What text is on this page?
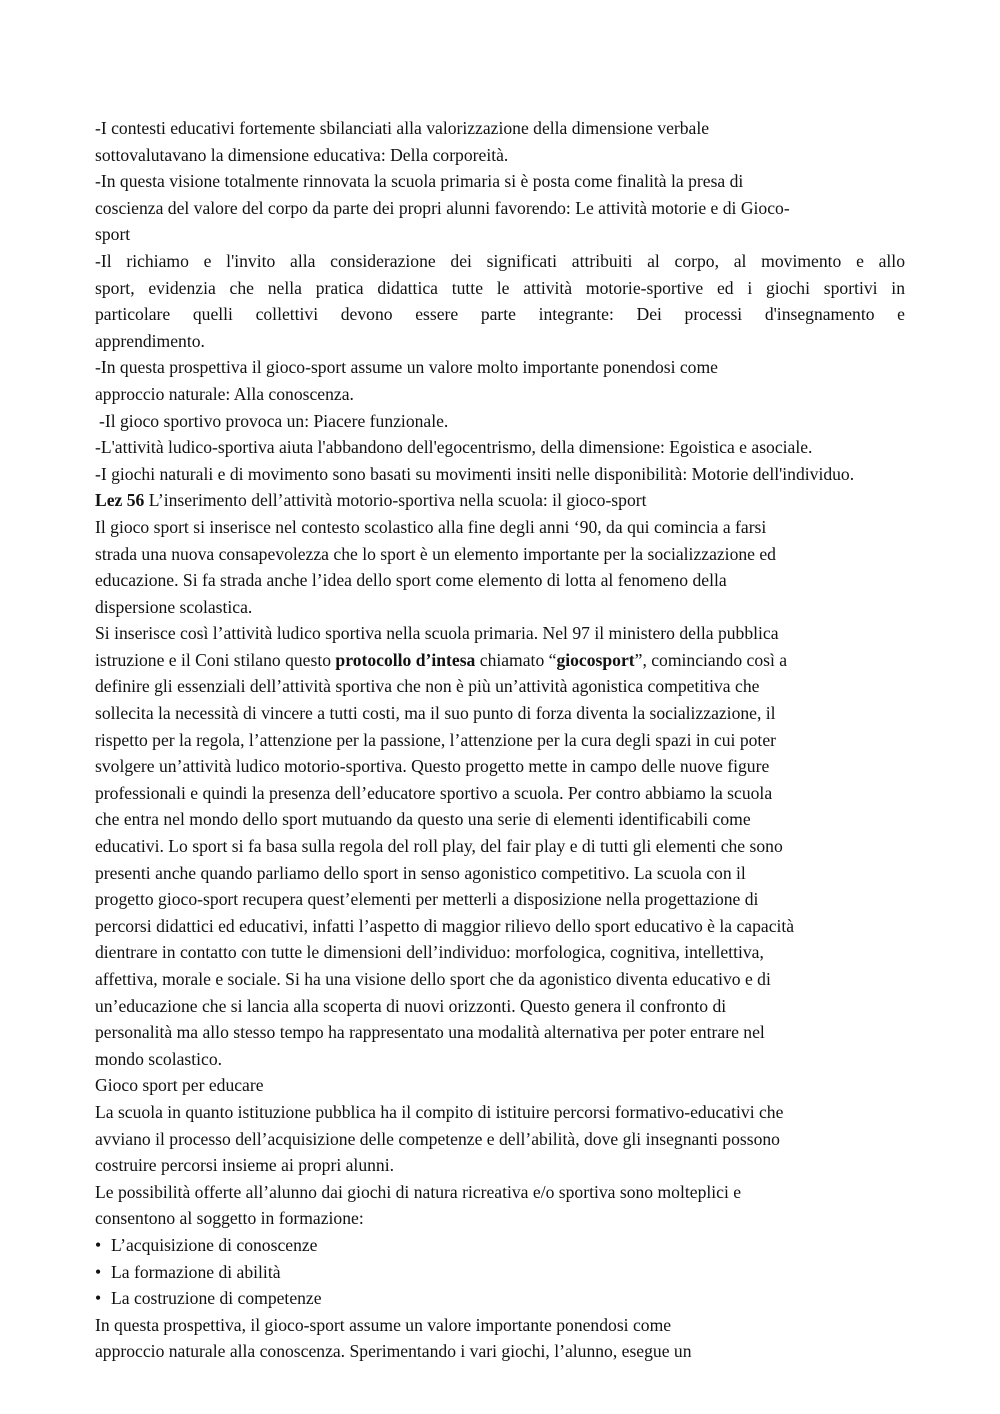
-I contesti educativi fortemente sbilanciati alla valorizzazione della dimensione verbale
sottovalutavano la dimensione educativa: Della corporeità.
-In questa visione totalmente rinnovata la scuola primaria si è posta come finalità la presa di
coscienza del valore del corpo da parte dei propri alunni favorendo: Le attività motorie e di Gioco-
sport
-Il richiamo e l'invito alla considerazione dei significati attribuiti al corpo, al movimento e allo
sport, evidenzia che nella pratica didattica tutte le attività motorie-sportive ed i giochi sportivi in
particolare quelli collettivi devono essere parte integrante: Dei processi d'insegnamento e
apprendimento.
-In questa prospettiva il gioco-sport assume un valore molto importante ponendosi come
approccio naturale: Alla conoscenza.
-Il gioco sportivo provoca un: Piacere funzionale.
-L'attività ludico-sportiva aiuta l'abbandono dell'egocentrismo, della dimensione: Egoistica e asociale.
-I giochi naturali e di movimento sono basati su movimenti insiti nelle disponibilità: Motorie dell'individuo.
Lez 56 L’inserimento dell’attività motorio-sportiva nella scuola: il gioco-sport
Il gioco sport si inserisce nel contesto scolastico alla fine degli anni ‘90, da qui comincia a farsi
strada una nuova consapevolezza che lo sport è un elemento importante per la socializzazione ed
educazione. Si fa strada anche l’idea dello sport come elemento di lotta al fenomeno della
dispersione scolastica.
Si inserisce così l’attività ludico sportiva nella scuola primaria. Nel 97 il ministero della pubblica
istruzione e il Coni stilano questo protocollo d’intesa chiamato “giocosport”, cominciando così a
definire gli essenziali dell’attività sportiva che non è più un’attività agonistica competitiva che
sollecita la necessità di vincere a tutti costi, ma il suo punto di forza diventa la socializzazione, il
rispetto per la regola, l’attenzione per la passione, l’attenzione per la cura degli spazi in cui poter
svolgere un’attività ludico motorio-sportiva. Questo progetto mette in campo delle nuove figure
professionali e quindi la presenza dell’educatore sportivo a scuola. Per contro abbiamo la scuola
che entra nel mondo dello sport mutuando da questo una serie di elementi identificabili come
educativi. Lo sport si fa basa sulla regola del roll play, del fair play e di tutti gli elementi che sono
presenti anche quando parliamo dello sport in senso agonistico competitivo. La scuola con il
progetto gioco-sport recupera quest’elementi per metterli a disposizione nella progettazione di
percorsi didattici ed educativi, infatti l’aspetto di maggior rilievo dello sport educativo è la capacità
dientrare in contatto con tutte le dimensioni dell’individuo: morfologica, cognitiva, intellettiva,
affettiva, morale e sociale. Si ha una visione dello sport che da agonistico diventa educativo e di
un’educazione che si lancia alla scoperta di nuovi orizzonti. Questo genera il confronto di
personalità ma allo stesso tempo ha rappresentato una modalità alternativa per poter entrare nel
mondo scolastico.
Gioco sport per educare
La scuola in quanto istituzione pubblica ha il compito di istituire percorsi formativo-educativi che
avviano il processo dell’acquisizione delle competenze e dell’abilità, dove gli insegnanti possono
costruire percorsi insieme ai propri alunni.
Le possibilità offerte all’alunno dai giochi di natura ricreativa e/o sportiva sono molteplici e
consentono al soggetto in formazione:
• L’acquisizione di conoscenze
• La formazione di abilità
• La costruzione di competenze
In questa prospettiva, il gioco-sport assume un valore importante ponendosi come
approccio naturale alla conoscenza. Sperimentando i vari giochi, l’alunno, esegue un
